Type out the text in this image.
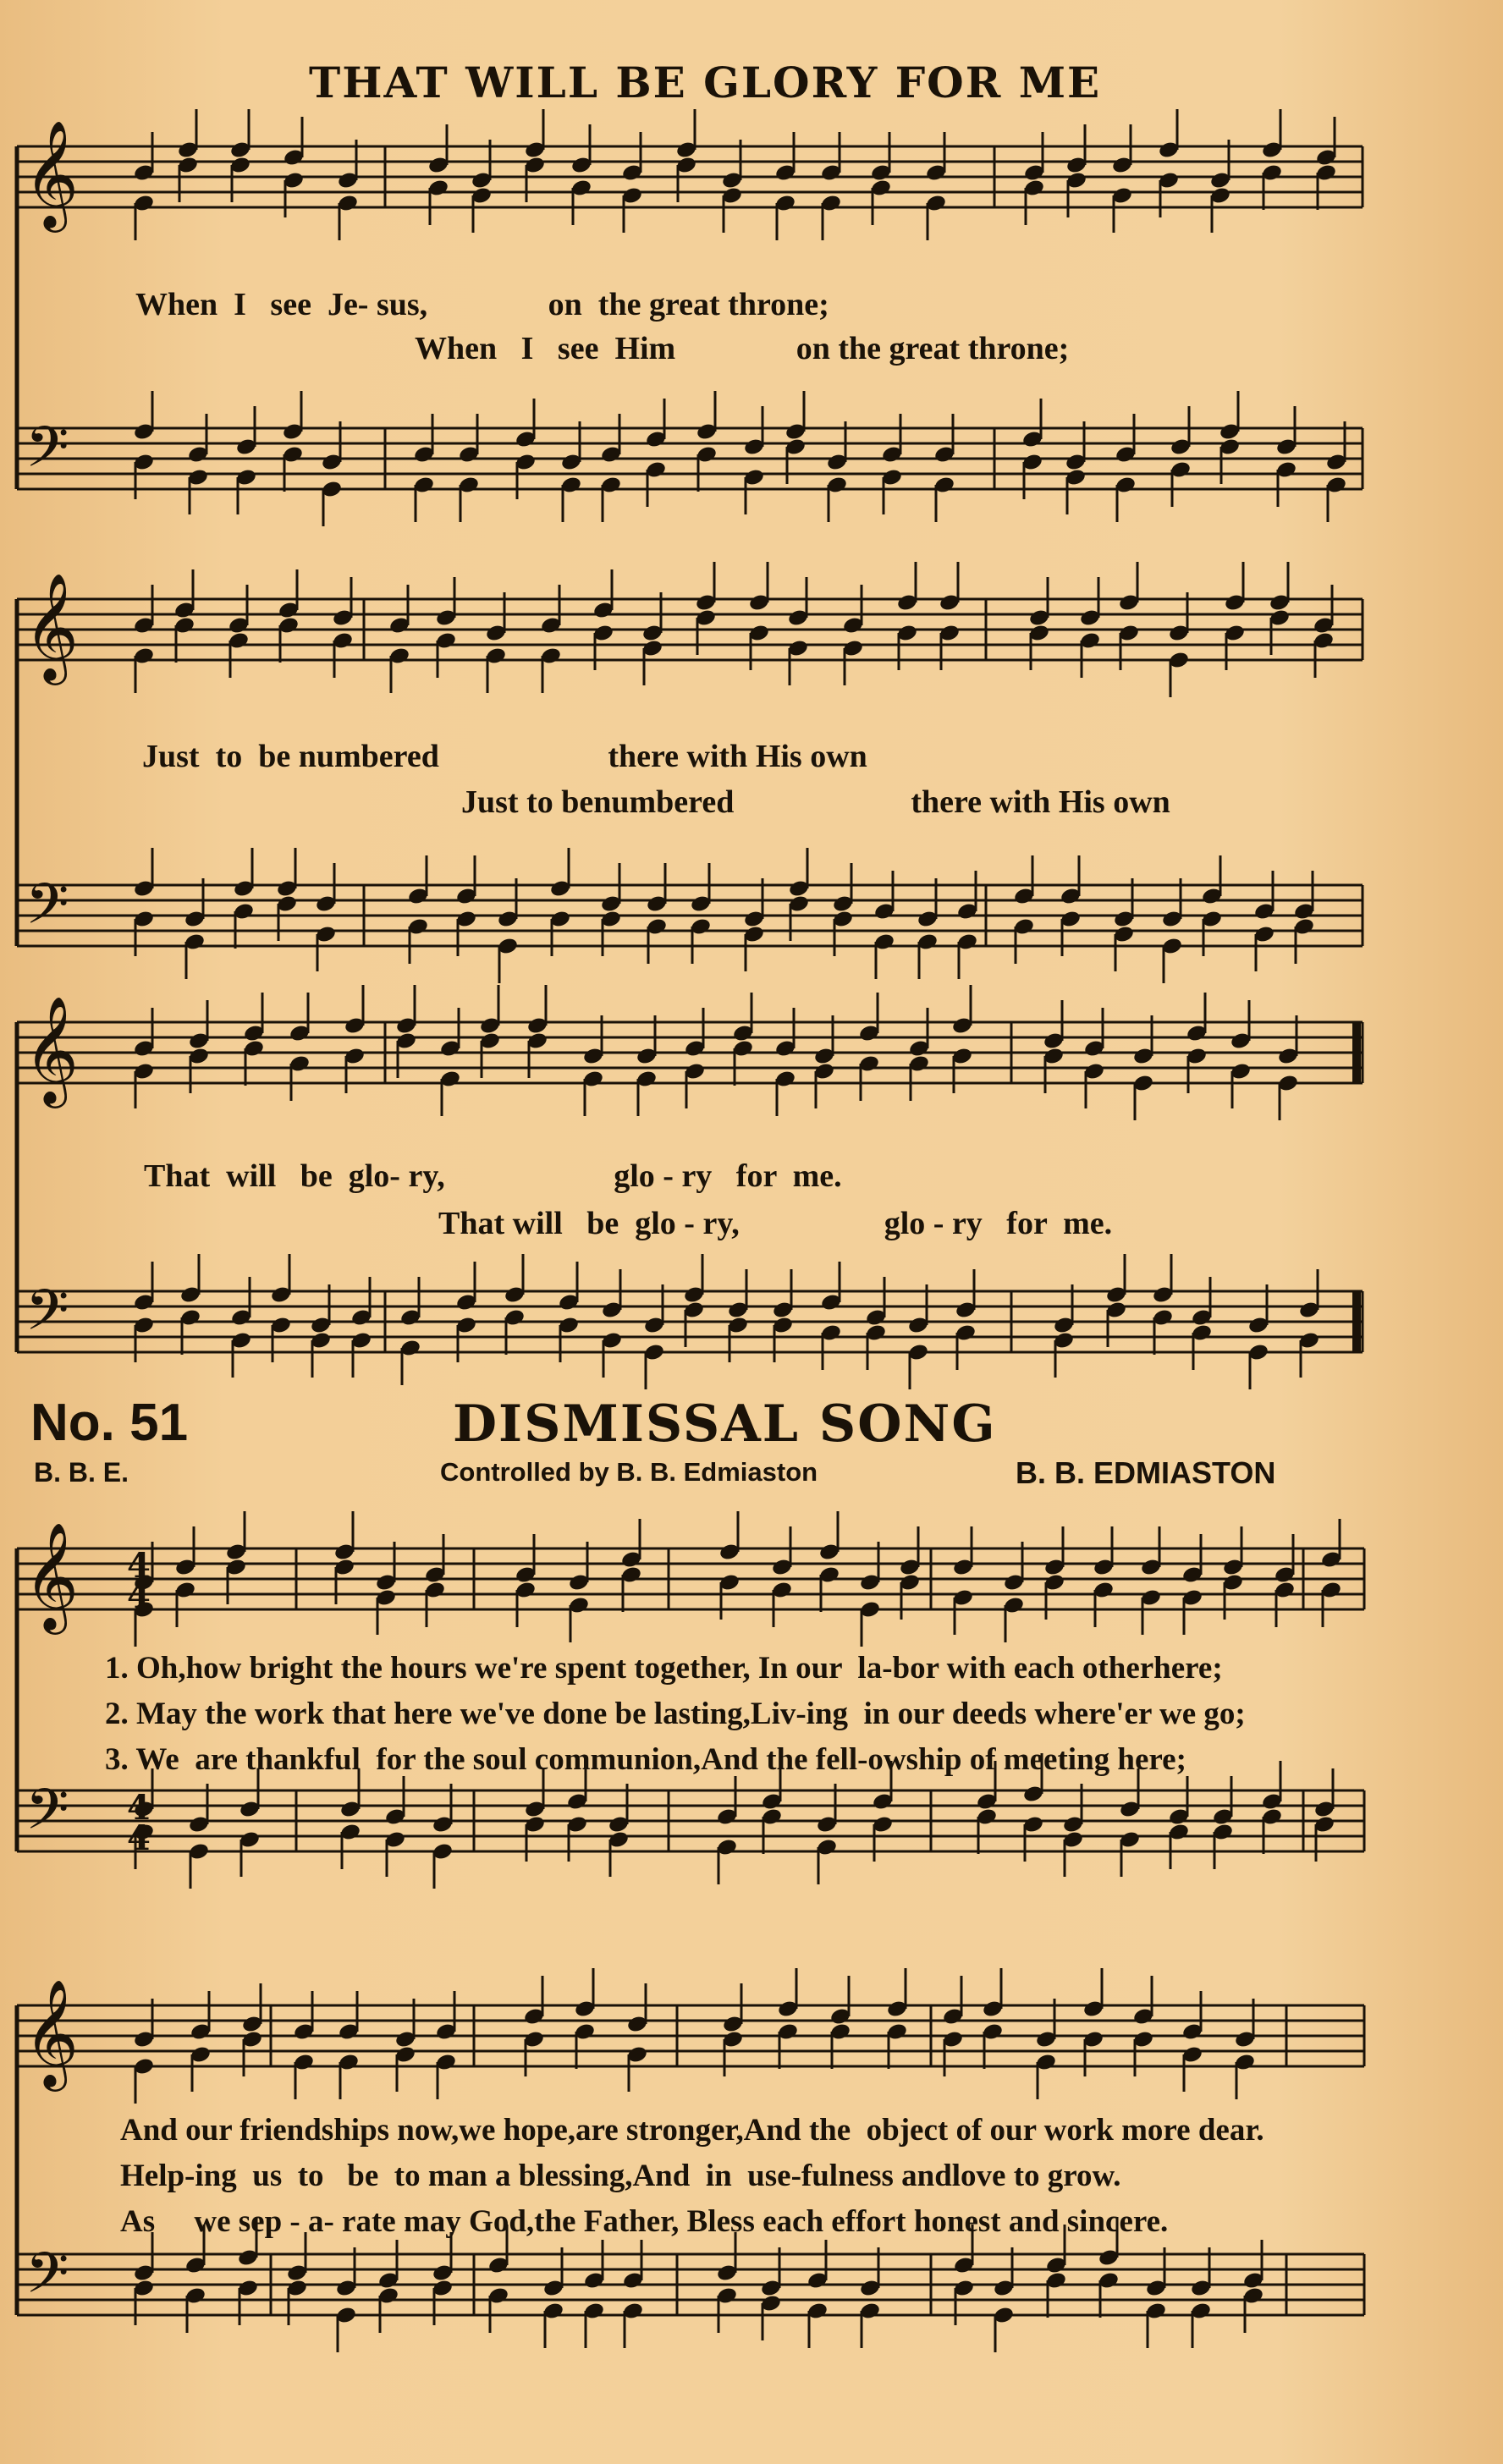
THAT WILL BE GLORY FOR ME
𝄞
𝄢
𝄞
𝄢
𝄞
𝄢
𝄞
𝄢
𝄞
𝄢
4
4
4
4
When  I   see  Je- sus,               on  the great throne;
When   I   see  Him               on the great throne;
Just  to  be numbered                     there with His own
Just to benumbered                      there with His own
That  will   be  glo- ry,                     glo - ry   for  me.
That will   be  glo - ry,                  glo - ry   for  me.
No. 51	DISMISSAL SONG
B. B. E.	Controlled by B. B. Edmiaston	B. B. EDMIASTON
1. Oh,how bright the hours we're spent together, In our  la-bor with each otherhere;
2. May the work that here we've done be lasting,Liv-ing  in our deeds where'er we go;
3. We  are thankful  for the soul communion,And the fell-owship of meeting here;
And our friendships now,we hope,are stronger,And the  object of our work more dear.
Help-ing  us  to   be  to man a blessing,And  in  use-fulness andlove to grow.
As     we sep - a- rate may God,the Father, Bless each effort honest and sincere.
